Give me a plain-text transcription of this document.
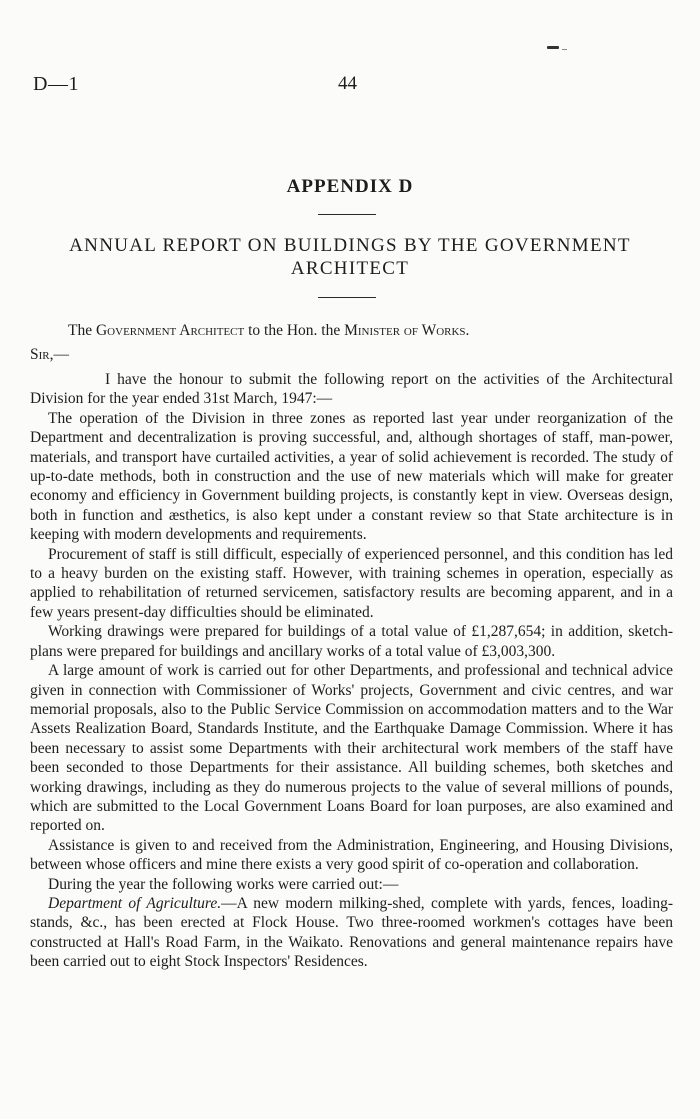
D—1	44
APPENDIX D
ANNUAL REPORT ON BUILDINGS BY THE GOVERNMENT ARCHITECT
The Government Architect to the Hon. the Minister of Works.
Sir,—

I have the honour to submit the following report on the activities of the Architectural Division for the year ended 31st March, 1947:—

The operation of the Division in three zones as reported last year under reorganization of the Department and decentralization is proving successful, and, although shortages of staff, man-power, materials, and transport have curtailed activities, a year of solid achievement is recorded. The study of up-to-date methods, both in construction and the use of new materials which will make for greater economy and efficiency in Government building projects, is constantly kept in view. Overseas design, both in function and æsthetics, is also kept under a constant review so that State architecture is in keeping with modern developments and requirements.

Procurement of staff is still difficult, especially of experienced personnel, and this condition has led to a heavy burden on the existing staff. However, with training schemes in operation, especially as applied to rehabilitation of returned servicemen, satisfactory results are becoming apparent, and in a few years present-day difficulties should be eliminated.

Working drawings were prepared for buildings of a total value of £1,287,654; in addition, sketch-plans were prepared for buildings and ancillary works of a total value of £3,003,300.

A large amount of work is carried out for other Departments, and professional and technical advice given in connection with Commissioner of Works' projects, Government and civic centres, and war memorial proposals, also to the Public Service Commission on accommodation matters and to the War Assets Realization Board, Standards Institute, and the Earthquake Damage Commission. Where it has been necessary to assist some Departments with their architectural work members of the staff have been seconded to those Departments for their assistance. All building schemes, both sketches and working drawings, including as they do numerous projects to the value of several millions of pounds, which are submitted to the Local Government Loans Board for loan purposes, are also examined and reported on.

Assistance is given to and received from the Administration, Engineering, and Housing Divisions, between whose officers and mine there exists a very good spirit of co-operation and collaboration.

During the year the following works were carried out:—

Department of Agriculture.—A new modern milking-shed, complete with yards, fences, loading-stands, &c., has been erected at Flock House. Two three-roomed workmen's cottages have been constructed at Hall's Road Farm, in the Waikato. Renovations and general maintenance repairs have been carried out to eight Stock Inspectors' Residences.
